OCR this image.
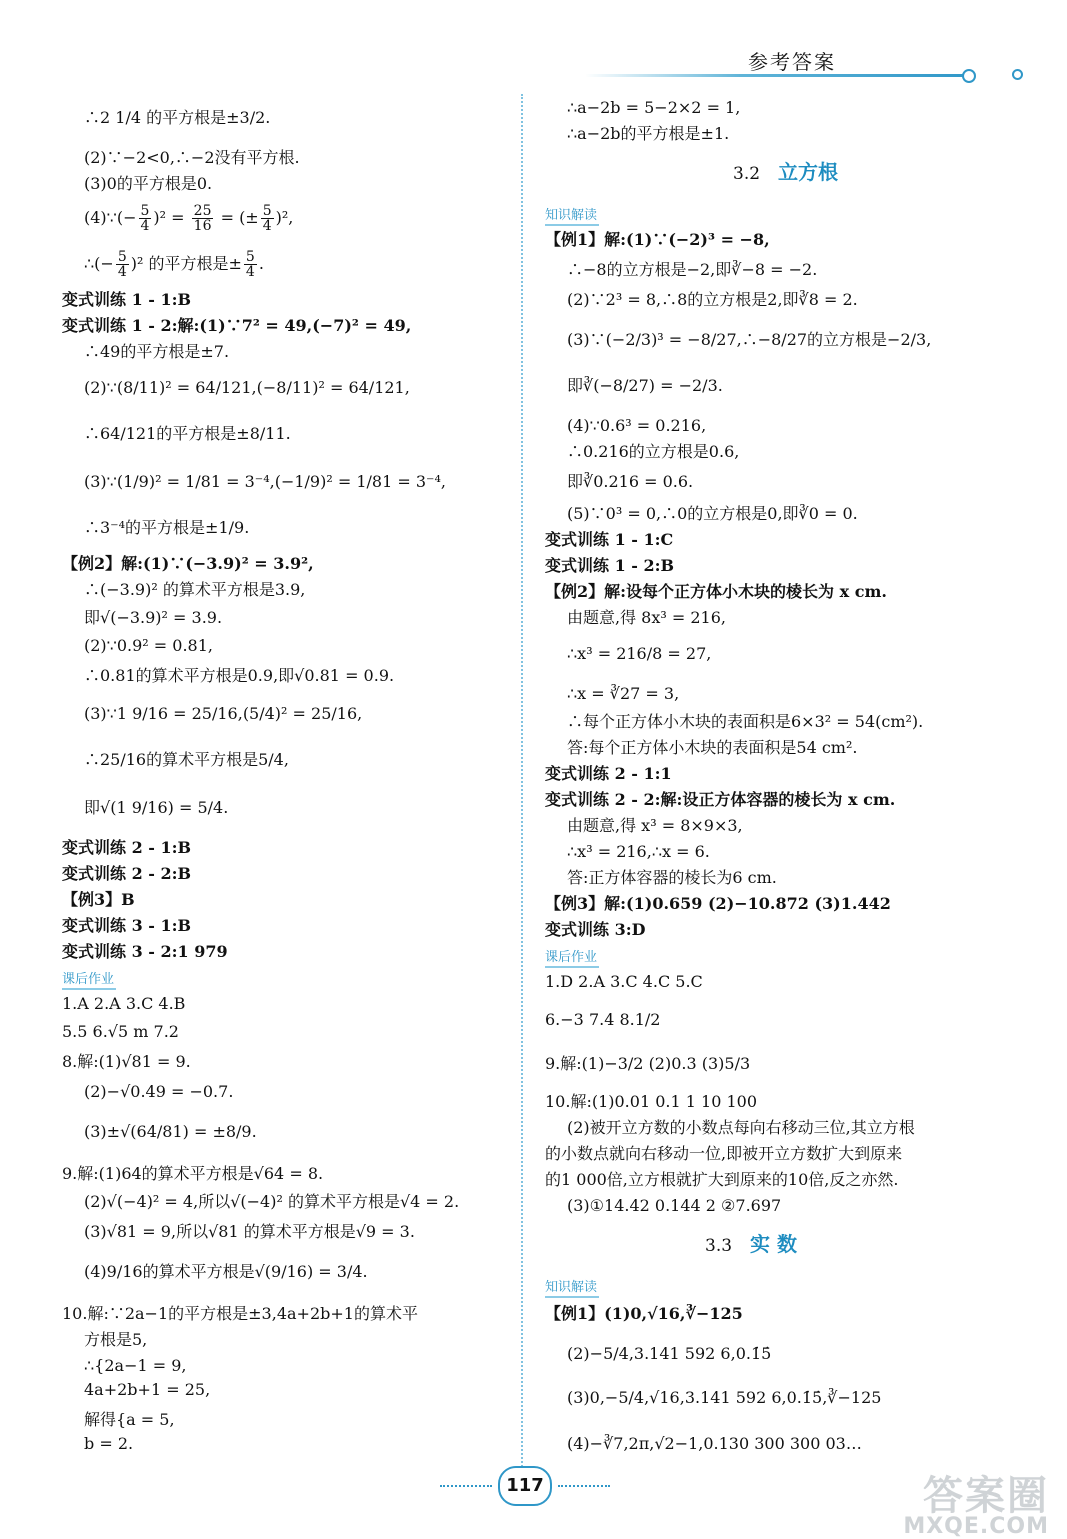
参考答案
∴2 1/4 的平方根是±3/2.
(2)∵−2<0,∴−2没有平方根.
(3)0的平方根是0.
(4)∵(− $\frac{5}{4} )^2 = \frac{25}{16}$ = (± $\frac{5}{4} )^2$,
∴(− $\frac{5}{4} )^2$ 的平方根是± $\frac{5}{4}$ .
变式训练 1 - 1:B
变式训练 1 - 2:解:(1)∵7² = 49,(−7)² = 49,
∴49的平方根是±7.
(2)∵(8/11)² = 64/121,(−8/11)² = 64/121,
∴64/121的平方根是±8/11.
(3)∵(1/9)² = 1/81 = 3⁻⁴,(−1/9)² = 1/81 = 3⁻⁴,
∴3⁻⁴的平方根是±1/9.
【例2】解:(1)∵(−3.9)² = 3.9²,
∴(−3.9)² 的算术平方根是3.9,
即√(−3.9)² = 3.9.
(2)∵0.9² = 0.81,
∴0.81的算术平方根是0.9,即√0.81 = 0.9.
(3)∵1 9/16 = 25/16,(5/4)² = 25/16,
∴25/16的算术平方根是5/4,
即√(1 9/16) = 5/4.
变式训练 2 - 1:B
变式训练 2 - 2:B
【例3】B
变式训练 3 - 1:B
变式训练 3 - 2:1 979
课后作业
1.A 2.A 3.C 4.B
5.5 6.√5 m 7.2
8.解:(1)√81 = 9.
(2)−√0.49 = −0.7.
(3)±√(64/81) = ±8/9.
9.解:(1)64的算术平方根是√64 = 8.
(2)√(−4)² = 4,所以√(−4)² 的算术平方根是√4 = 2.
(3)√81 = 9,所以√81 的算术平方根是√9 = 3.
(4)9/16的算术平方根是√(9/16) = 3/4.
10.解:∵2a−1的平方根是±3,4a+2b+1的算术平
方根是5,
∴{2a−1 = 9,
4a+2b+1 = 25,
解得{a = 5,
b = 2.
∴a−2b = 5−2×2 = 1,
∴a−2b的平方根是±1.
3.2 立方根
知识解读
【例1】解:(1)∵(−2)³ = −8,
∴−8的立方根是−2,即∛−8 = −2.
(2)∵2³ = 8,∴8的立方根是2,即∛8 = 2.
(3)∵(−2/3)³ = −8/27,∴−8/27的立方根是−2/3,
即∛(−8/27) = −2/3.
(4)∵0.6³ = 0.216,
∴0.216的立方根是0.6,
即∛0.216 = 0.6.
(5)∵0³ = 0,∴0的立方根是0,即∛0 = 0.
变式训练 1 - 1:C
变式训练 1 - 2:B
【例2】解:设每个正方体小木块的棱长为 x cm.
由题意,得 8x³ = 216,
∴x³ = 216/8 = 27,
∴x = ∛27 = 3,
∴每个正方体小木块的表面积是6×3² = 54(cm²).
答:每个正方体小木块的表面积是54 cm².
变式训练 2 - 1:1
变式训练 2 - 2:解:设正方体容器的棱长为 x cm.
由题意,得 x³ = 8×9×3,
∴x³ = 216,∴x = 6.
答:正方体容器的棱长为6 cm.
【例3】解:(1)0.659 (2)−10.872 (3)1.442
变式训练 3:D
课后作业
1.D 2.A 3.C 4.C 5.C
6.−3 7.4 8.1/2
9.解:(1)−3/2 (2)0.3 (3)5/3
10.解:(1)0.01 0.1 1 10 100
(2)被开立方数的小数点每向右移动三位,其立方根
的小数点就向右移动一位,即被开立方数扩大到原来
的1 000倍,立方根就扩大到原来的10倍,反之亦然.
(3)①14.42 0.144 2 ②7.697
3.3 实 数
知识解读
【例1】(1)0,√16,∛−125
(2)−5/4,3.141 592 6,0.1̇5̇
(3)0,−5/4,√16,3.141 592 6,0.1̇5̇,∛−125
(4)−∛7,2π,√2−1,0.130 300 300 03…
117	答案圈
MXQE.COM
